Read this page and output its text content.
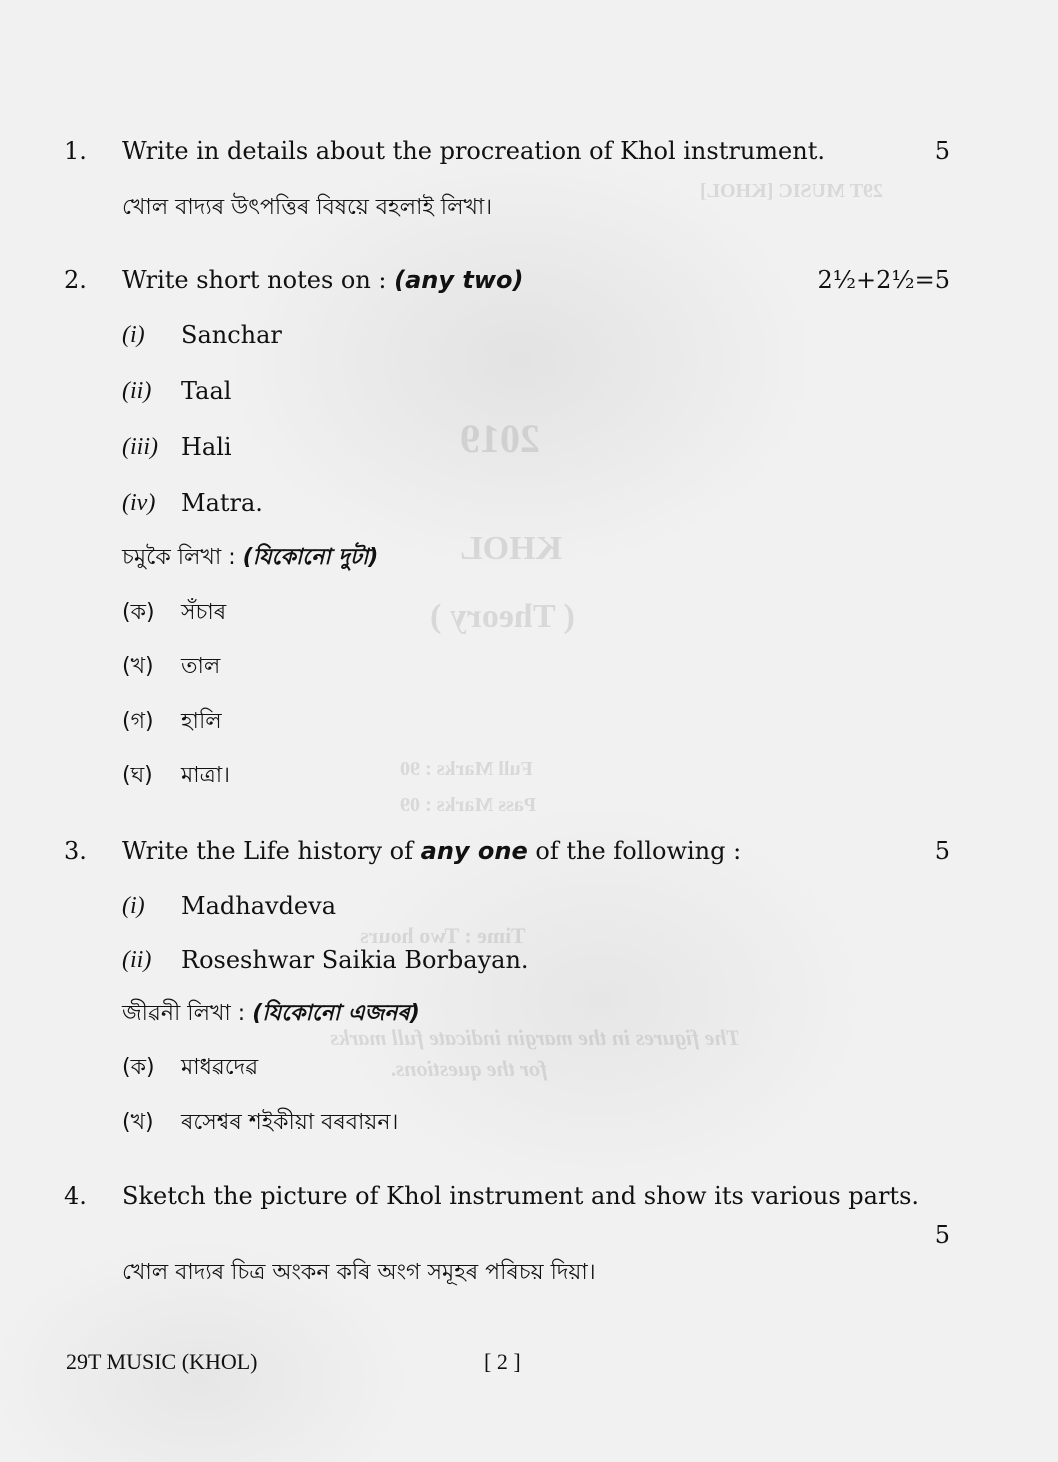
29T MUSIC [KHOL]
2019
KHOL
( Theory )
Full Marks : 90
Pass Marks : 09
Time : Two hours
The figures in the margin indicate full marks
for the questions.
1. Write in details about the procreation of Khol instrument.	5
খোল বাদ্যৰ উৎপত্তিৰ বিষয়ে বহলাই লিখা।
2. Write short notes on : (any two)	2½+2½=5
(i) Sanchar
(ii) Taal
(iii) Hali
(iv) Matra.
চমুকৈ লিখা : (যিকোনো দুটা)
(ক) সঁচাৰ
(খ) তাল
(গ) হালি
(ঘ) মাত্ৰা।
3. Write the Life history of any one of the following :	5
(i) Madhavdeva
(ii) Roseshwar Saikia Borbayan.
জীৱনী লিখা : (যিকোনো এজনৰ)
(ক) মাধৱদেৱ
(খ) ৰসেশ্বৰ শইকীয়া বৰবায়ন।
4. Sketch the picture of Khol instrument and show its various parts.
5
খোল বাদ্যৰ চিত্ৰ অংকন কৰি অংগ সমূহৰ পৰিচয় দিয়া।
29T MUSIC (KHOL)	[ 2 ]
